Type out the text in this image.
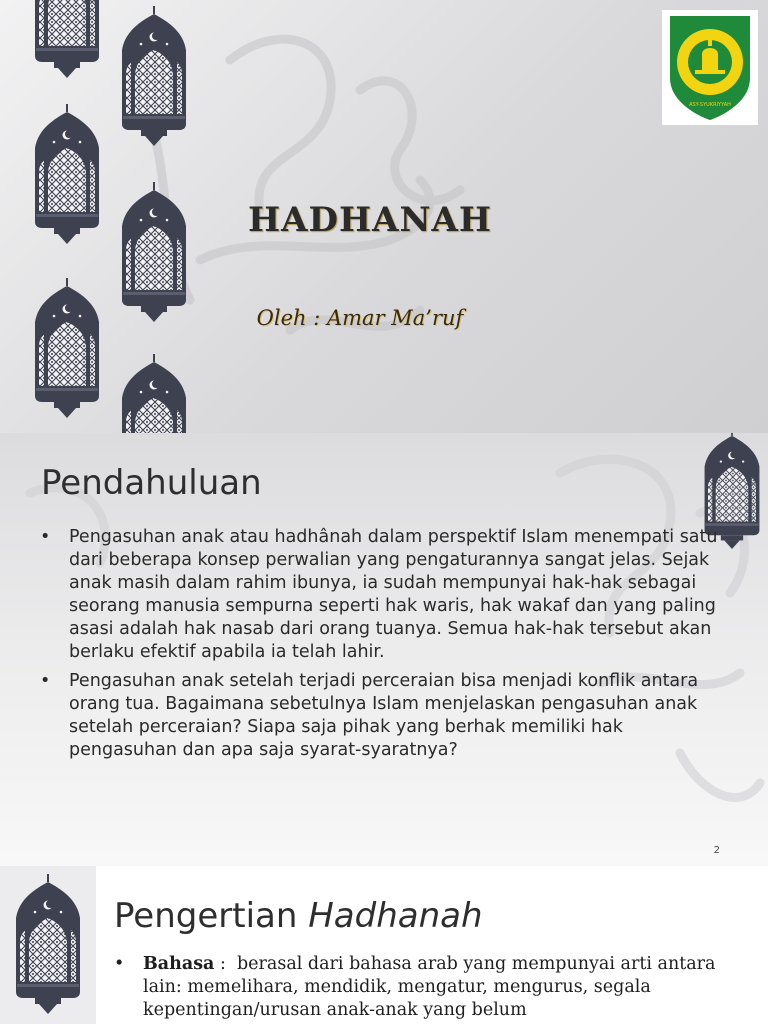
ASY-SYUKRIYYAH
HADHANAH

Oleh : Amar Ma’ruf

Pendahuluan
• Pengasuhan anak atau hadhânah dalam perspektif Islam menempati satu dari beberapa konsep perwalian yang pengaturannya sangat jelas. Sejak anak masih dalam rahim ibunya, ia sudah mempunyai hak-hak sebagai seorang manusia sempurna seperti hak waris, hak wakaf dan yang paling asasi adalah hak nasab dari orang tuanya. Semua hak-hak tersebut akan berlaku efektif apabila ia telah lahir.
• Pengasuhan anak setelah terjadi perceraian bisa menjadi konflik antara orang tua. Bagaimana sebetulnya Islam menjelaskan pengasuhan anak setelah perceraian? Siapa saja pihak yang berhak memiliki hak pengasuhan dan apa saja syarat-syaratnya?
2
Pengertian Hadhanah
• Bahasa :  berasal dari bahasa arab yang mempunyai arti antara lain: memelihara, mendidik, mengatur, mengurus, segala kepentingan/urusan anak-anak yang belum
